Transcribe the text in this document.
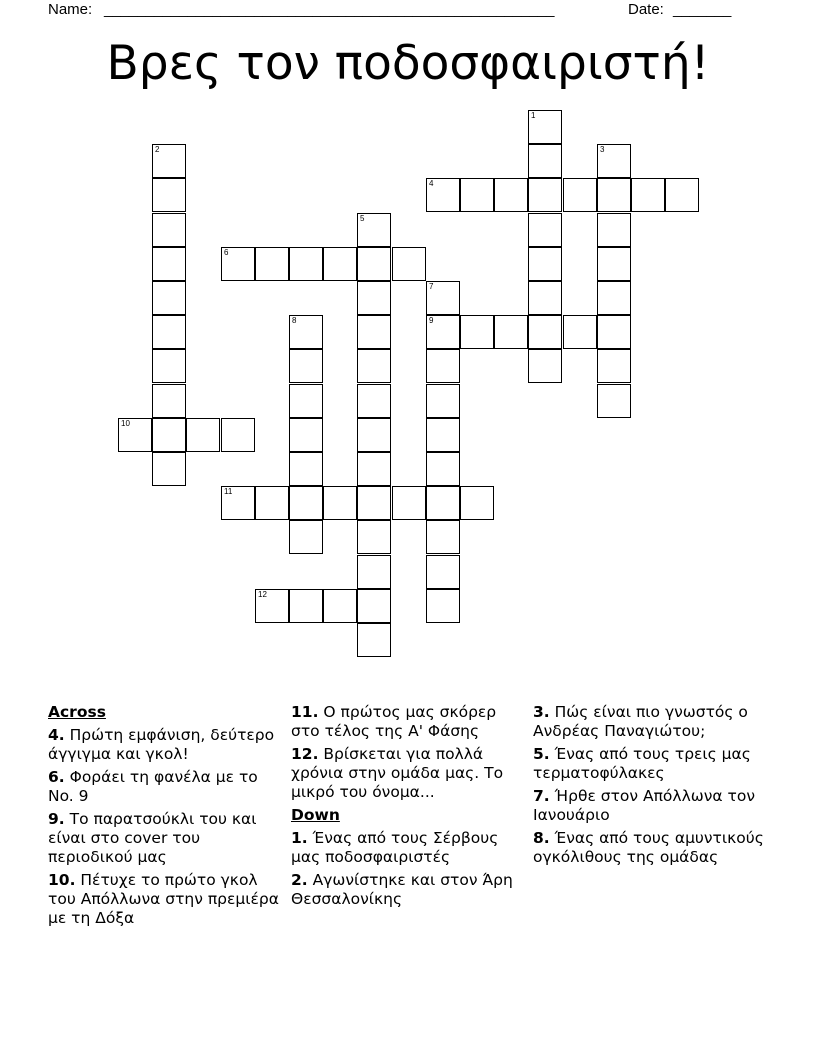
Name: ______________________________________________________	Date: _______
Βρες τον ποδοσφαιριστή!
1
2	3
4
5
6
7
9
8
10
11
12
Across
4. Πρώτη εμφάνιση, δεύτερο άγγιγμα και γκολ!
6. Φοράει τη φανέλα με το No. 9
9. Το παρατσούκλι του και είναι στο cover του περιοδικού μας
10. Πέτυχε το πρώτο γκολ του Απόλλωνα στην πρεμιέρα με τη Δόξα
11. Ο πρώτος μας σκόρερ στο τέλος της Α' Φάσης
12. Βρίσκεται για πολλά χρόνια στην ομάδα μας. Το μικρό του όνομα...
Down
1. Ένας από τους Σέρβους μας ποδοσφαιριστές
2. Αγωνίστηκε και στον Άρη Θεσσαλονίκης
3. Πώς είναι πιο γνωστός ο Ανδρέας Παναγιώτου;
5. Ένας από τους τρεις μας τερματοφύλακες
7. Ήρθε στον Απόλλωνα τον Ιανουάριο
8. Ένας από τους αμυντικούς ογκόλιθους της ομάδας
